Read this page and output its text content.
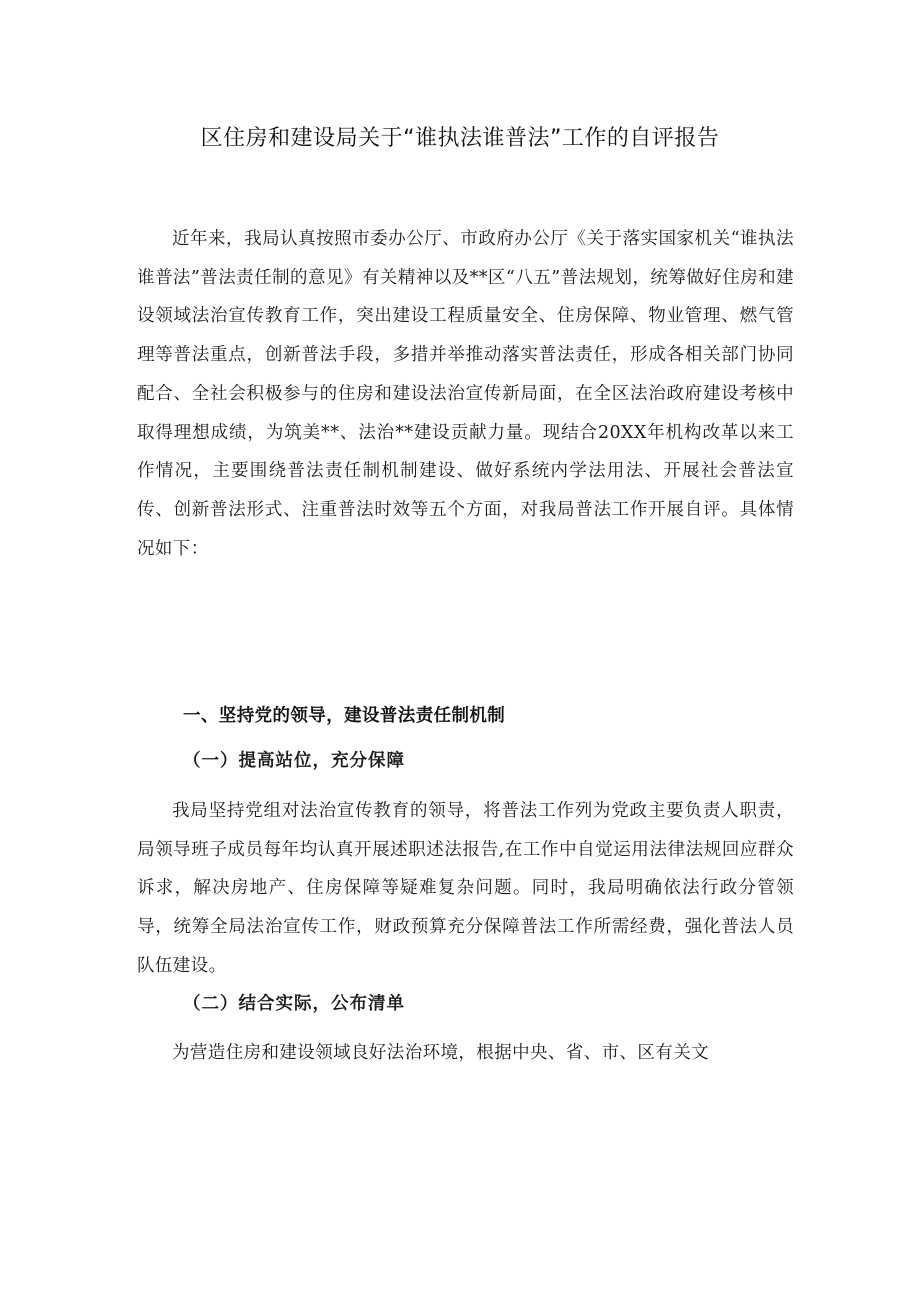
区住房和建设局关于“谁执法谁普法”工作的自评报告

近年来，我局认真按照市委办公厅、市政府办公厅《关于落实国家机关“谁执法谁普法”普法责任制的意见》有关精神以及**区“八五”普法规划，统筹做好住房和建设领域法治宣传教育工作，突出建设工程质量安全、住房保障、物业管理、燃气管理等普法重点，创新普法手段，多措并举推动落实普法责任，形成各相关部门协同配合、全社会积极参与的住房和建设法治宣传新局面，在全区法治政府建设考核中取得理想成绩，为筑美**、法治**建设贡献力量。现结合20XX年机构改革以来工作情况，主要围绕普法责任制机制建设、做好系统内学法用法、开展社会普法宣传、创新普法形式、注重普法时效等五个方面，对我局普法工作开展自评。具体情况如下：

一、坚持党的领导，建设普法责任制机制
（一）提高站位，充分保障

我局坚持党组对法治宣传教育的领导，将普法工作列为党政主要负责人职责，局领导班子成员每年均认真开展述职述法报告,在工作中自觉运用法律法规回应群众诉求，解决房地产、住房保障等疑难复杂问题。同时，我局明确依法行政分管领导，统筹全局法治宣传工作，财政预算充分保障普法工作所需经费，强化普法人员队伍建设。

（二）结合实际，公布清单

为营造住房和建设领域良好法治环境，根据中央、省、市、区有关文
